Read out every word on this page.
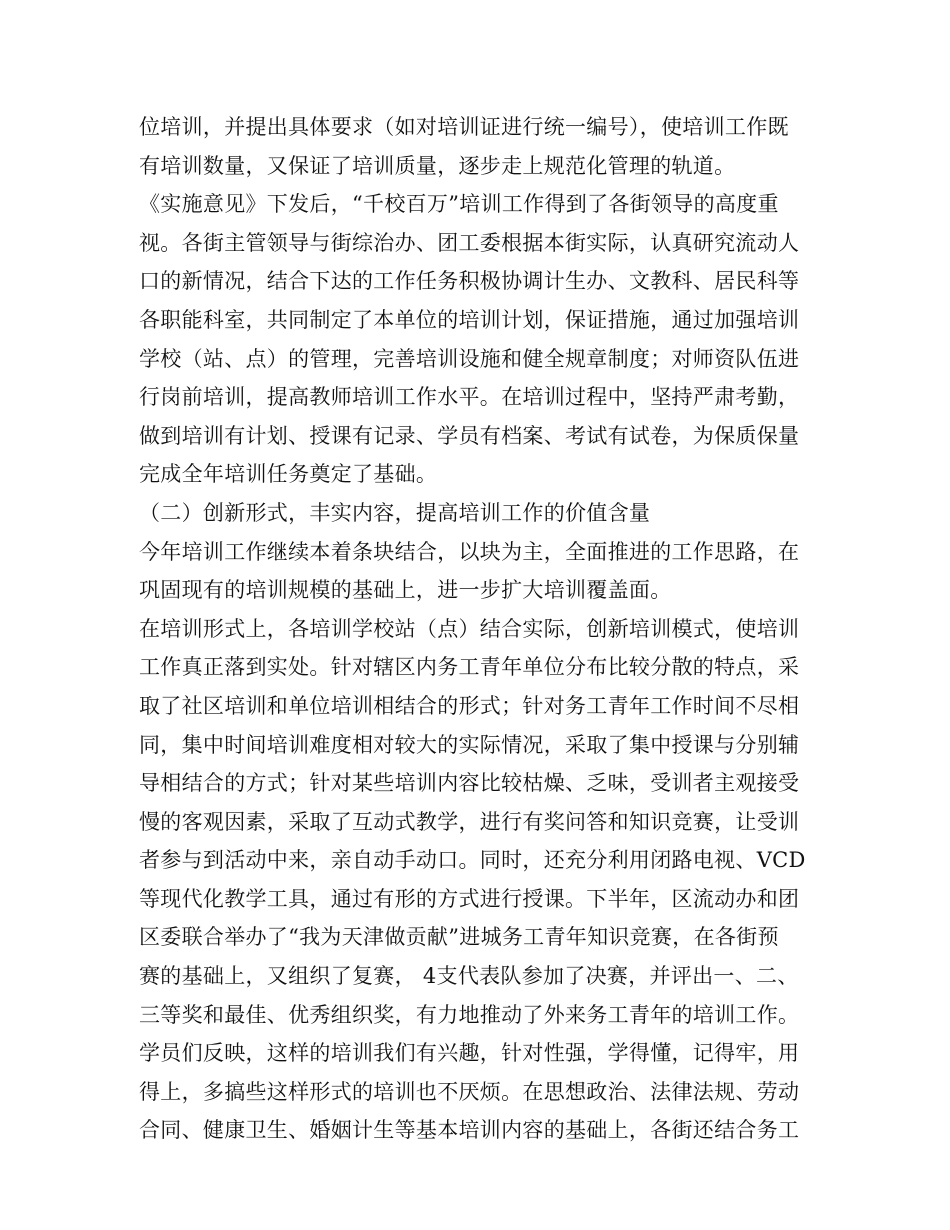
位培训，并提出具体要求（如对培训证进行统一编号），使培训工作既
有培训数量，又保证了培训质量，逐步走上规范化管理的轨道。
《实施意见》下发后，“千校百万”培训工作得到了各街领导的高度重
视。各街主管领导与街综治办、团工委根据本街实际，认真研究流动人
口的新情况，结合下达的工作任务积极协调计生办、文教科、居民科等
各职能科室，共同制定了本单位的培训计划，保证措施，通过加强培训
学校（站、点）的管理，完善培训设施和健全规章制度；对师资队伍进
行岗前培训，提高教师培训工作水平。在培训过程中，坚持严肃考勤，
做到培训有计划、授课有记录、学员有档案、考试有试卷，为保质保量
完成全年培训任务奠定了基础。
（二）创新形式，丰实内容，提高培训工作的价值含量
今年培训工作继续本着条块结合，以块为主，全面推进的工作思路，在
巩固现有的培训规模的基础上，进一步扩大培训覆盖面。
在培训形式上，各培训学校站（点）结合实际，创新培训模式，使培训
工作真正落到实处。针对辖区内务工青年单位分布比较分散的特点，采
取了社区培训和单位培训相结合的形式；针对务工青年工作时间不尽相
同，集中时间培训难度相对较大的实际情况，采取了集中授课与分别辅
导相结合的方式；针对某些培训内容比较枯燥、乏味，受训者主观接受
慢的客观因素，采取了互动式教学，进行有奖问答和知识竞赛，让受训
者参与到活动中来，亲自动手动口。同时，还充分利用闭路电视、VCD
等现代化教学工具，通过有形的方式进行授课。下半年，区流动办和团
区委联合举办了“我为天津做贡献”进城务工青年知识竞赛，在各街预
赛的基础上，又组织了复赛， 4支代表队参加了决赛，并评出一、二、
三等奖和最佳、优秀组织奖，有力地推动了外来务工青年的培训工作。
学员们反映，这样的培训我们有兴趣，针对性强，学得懂，记得牢，用
得上，多搞些这样形式的培训也不厌烦。在思想政治、法律法规、劳动
合同、健康卫生、婚姻计生等基本培训内容的基础上，各街还结合务工
